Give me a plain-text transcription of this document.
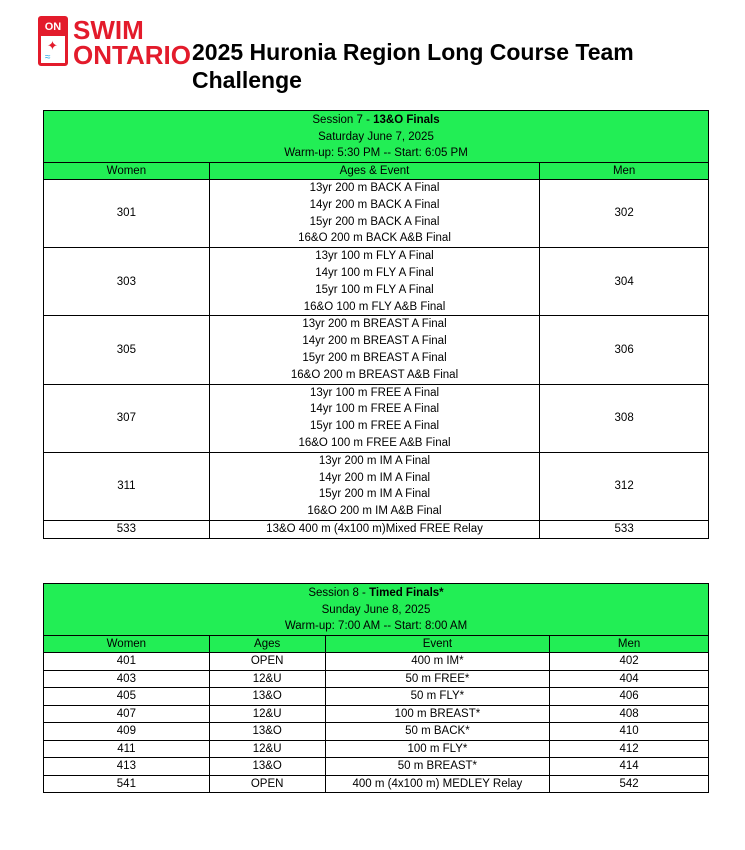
ON
✦
≈
SWIM
ONTARIO 2025 Huronia Region Long Course Team Challenge
Session 7 - 13&O Finals
Saturday June 7, 2025
Warm-up: 5:30 PM -- Start: 6:05 PM		

Women	Ages & Event	Men
301	13yr 200 m BACK A Final
14yr 200 m BACK A Final
15yr 200 m BACK A Final
16&O 200 m BACK A&B Final	302
303	13yr 100 m FLY A Final
14yr 100 m FLY A Final
15yr 100 m FLY A Final
16&O 100 m FLY A&B Final	304
305	13yr 200 m BREAST A Final
14yr 200 m BREAST A Final
15yr 200 m BREAST A Final
16&O 200 m BREAST A&B Final	306
307	13yr 100 m FREE A Final
14yr 100 m FREE A Final
15yr 100 m FREE A Final
16&O 100 m FREE A&B Final	308
311	13yr 200 m IM A Final
14yr 200 m IM A Final
15yr 200 m IM A Final
16&O 200 m IM A&B Final	312
533	13&O 400 m (4x100 m)Mixed FREE Relay	533
Session 8 - Timed Finals*
Sunday June 8, 2025
Warm-up: 7:00 AM -- Start: 8:00 AM			

Women	Ages	Event	Men
401	OPEN	400 m IM*	402
403	12&U	50 m FREE*	404
405	13&O	50 m FLY*	406
407	12&U	100 m BREAST*	408
409	13&O	50 m BACK*	410
411	12&U	100 m FLY*	412
413	13&O	50 m BREAST*	414
541	OPEN	400 m (4x100 m) MEDLEY Relay	542
